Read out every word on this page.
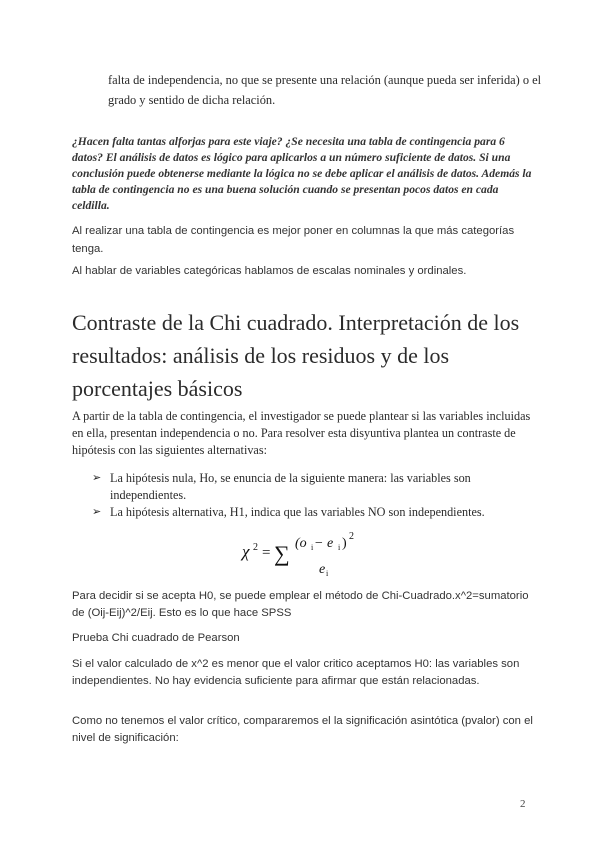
falta de independencia, no que se presente una relación (aunque pueda ser inferida) o el grado y sentido de dicha relación.

¿Hacen falta tantas alforjas para este viaje? ¿Se necesita una tabla de contingencia para 6 datos? El análisis de datos es lógico para aplicarlos a un número suficiente de datos. Si una conclusión puede obtenerse mediante la lógica no se debe aplicar el análisis de datos. Además la tabla de contingencia no es una buena solución cuando se presentan pocos datos en cada celdilla.

Al realizar una tabla de contingencia es mejor poner en columnas la que más categorías tenga.

Al hablar de variables categóricas hablamos de escalas nominales y ordinales.

Contraste de la Chi cuadrado. Interpretación de los resultados: análisis de los residuos y de los porcentajes básicos

A partir de la tabla de contingencia, el investigador se puede plantear si las variables incluidas en ella, presentan independencia o no. Para resolver esta disyuntiva plantea un contraste de hipótesis con las siguientes alternativas:

➢ La hipótesis nula, Ho, se enuncia de la siguiente manera: las variables son independientes.
➢ La hipótesis alternativa, H1, indica que las variables NO son independientes.
χ 2 = ∑ (o i − e i ) 2
e i

Para decidir si se acepta H0, se puede emplear el método de Chi-Cuadrado.x^2=sumatorio de (Oij-Eij)^2/Eij. Esto es lo que hace SPSS

Prueba Chi cuadrado de Pearson

Si el valor calculado de x^2 es menor que el valor critico aceptamos H0: las variables son independientes. No hay evidencia suficiente para afirmar que están relacionadas.

Como no tenemos el valor crítico, compararemos el la significación asintótica (pvalor) con el nivel de significación:

2
